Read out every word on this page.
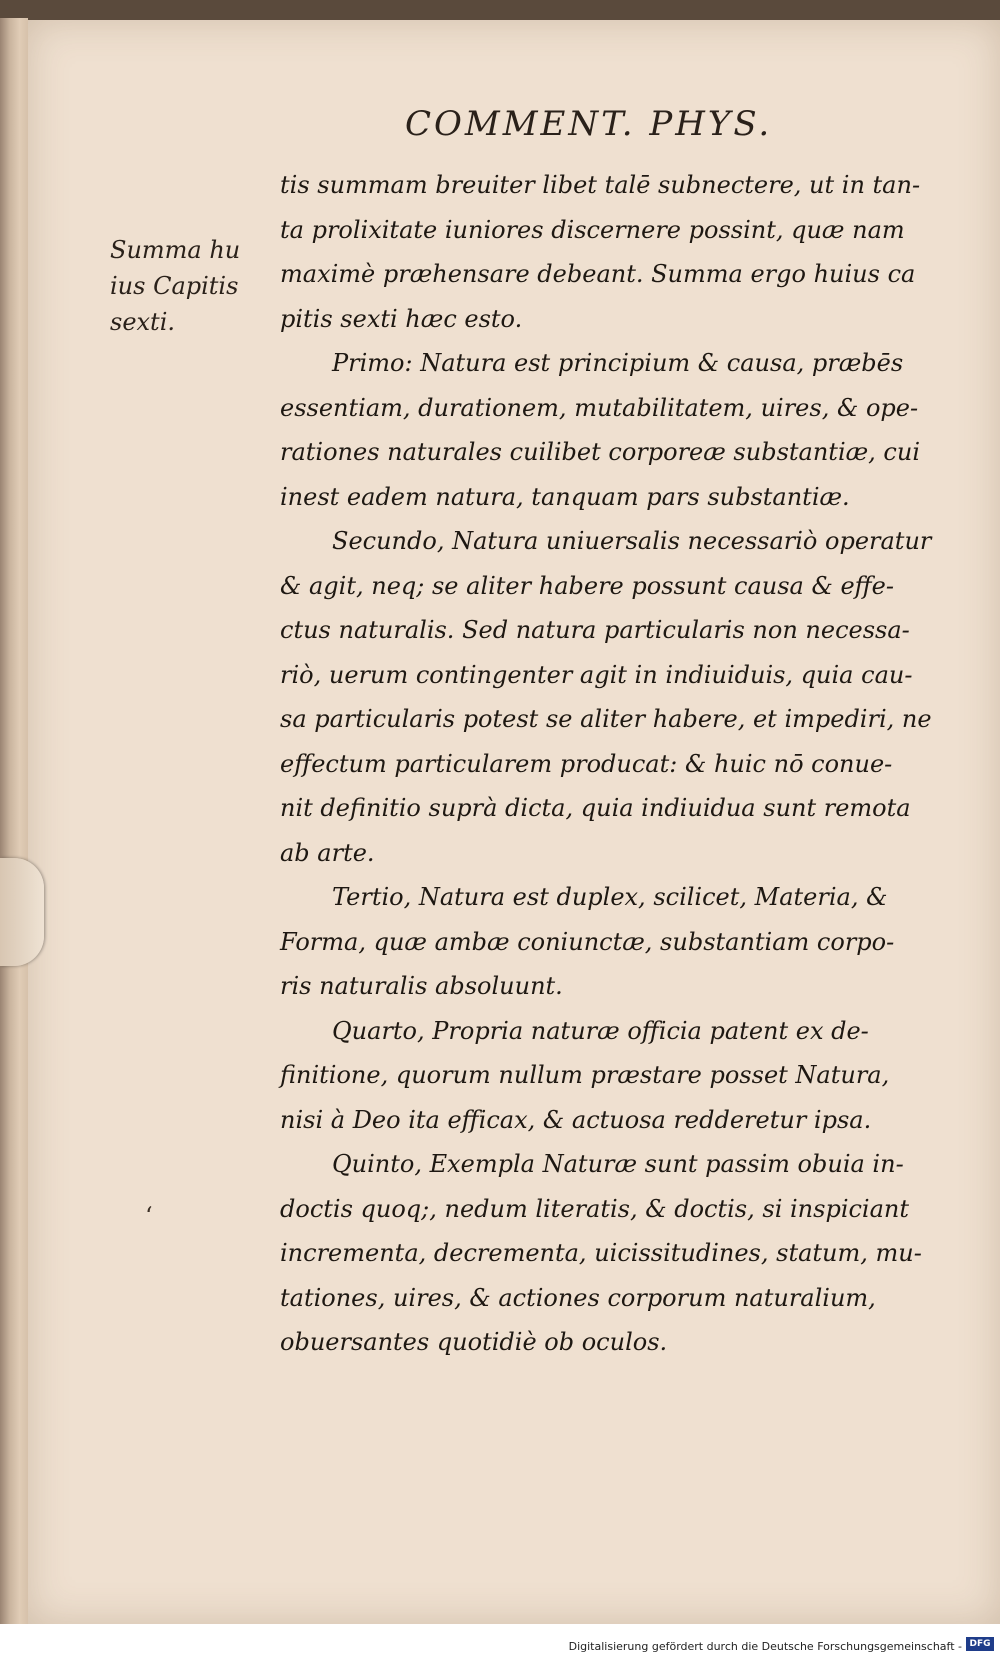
COMMENT. PHYS.
Summa hu
ius Capitis
sexti.
ʻ
tis summam breuiter libet talē subnectere, ut in tan-
ta prolixitate iuniores discernere possint, quæ nam
maximè præhensare debeant. Summa ergo huius ca
pitis sexti hæc esto.
Primo: Natura est principium & causa, præbēs
essentiam, durationem, mutabilitatem, uires, & ope-
rationes naturales cuilibet corporeæ substantiæ, cui
inest eadem natura, tanquam pars substantiæ.
Secundo, Natura uniuersalis necessariò operatur
& agit, neq; se aliter habere possunt causa & effe-
ctus naturalis. Sed natura particularis non necessa-
riò, uerum contingenter agit in indiuiduis, quia cau-
sa particularis potest se aliter habere, et impediri, ne
effectum particularem producat: & huic nō conue-
nit definitio suprà dicta, quia indiuidua sunt remota
ab arte.
Tertio, Natura est duplex, scilicet, Materia, &
Forma, quæ ambæ coniunctæ, substantiam corpo-
ris naturalis absoluunt.
Quarto, Propria naturæ officia patent ex de-
finitione, quorum nullum præstare posset Natura,
nisi à Deo ita efficax, & actuosa redderetur ipsa.
Quinto, Exempla Naturæ sunt passim obuia in-
doctis quoq;, nedum literatis, & doctis, si inspiciant
incrementa, decrementa, uicissitudines, statum, mu-
tationes, uires, & actiones corporum naturalium,
obuersantes quotidiè ob oculos.
Digitalisierung gefördert durch die Deutsche Forschungsgemeinschaft - DFG
